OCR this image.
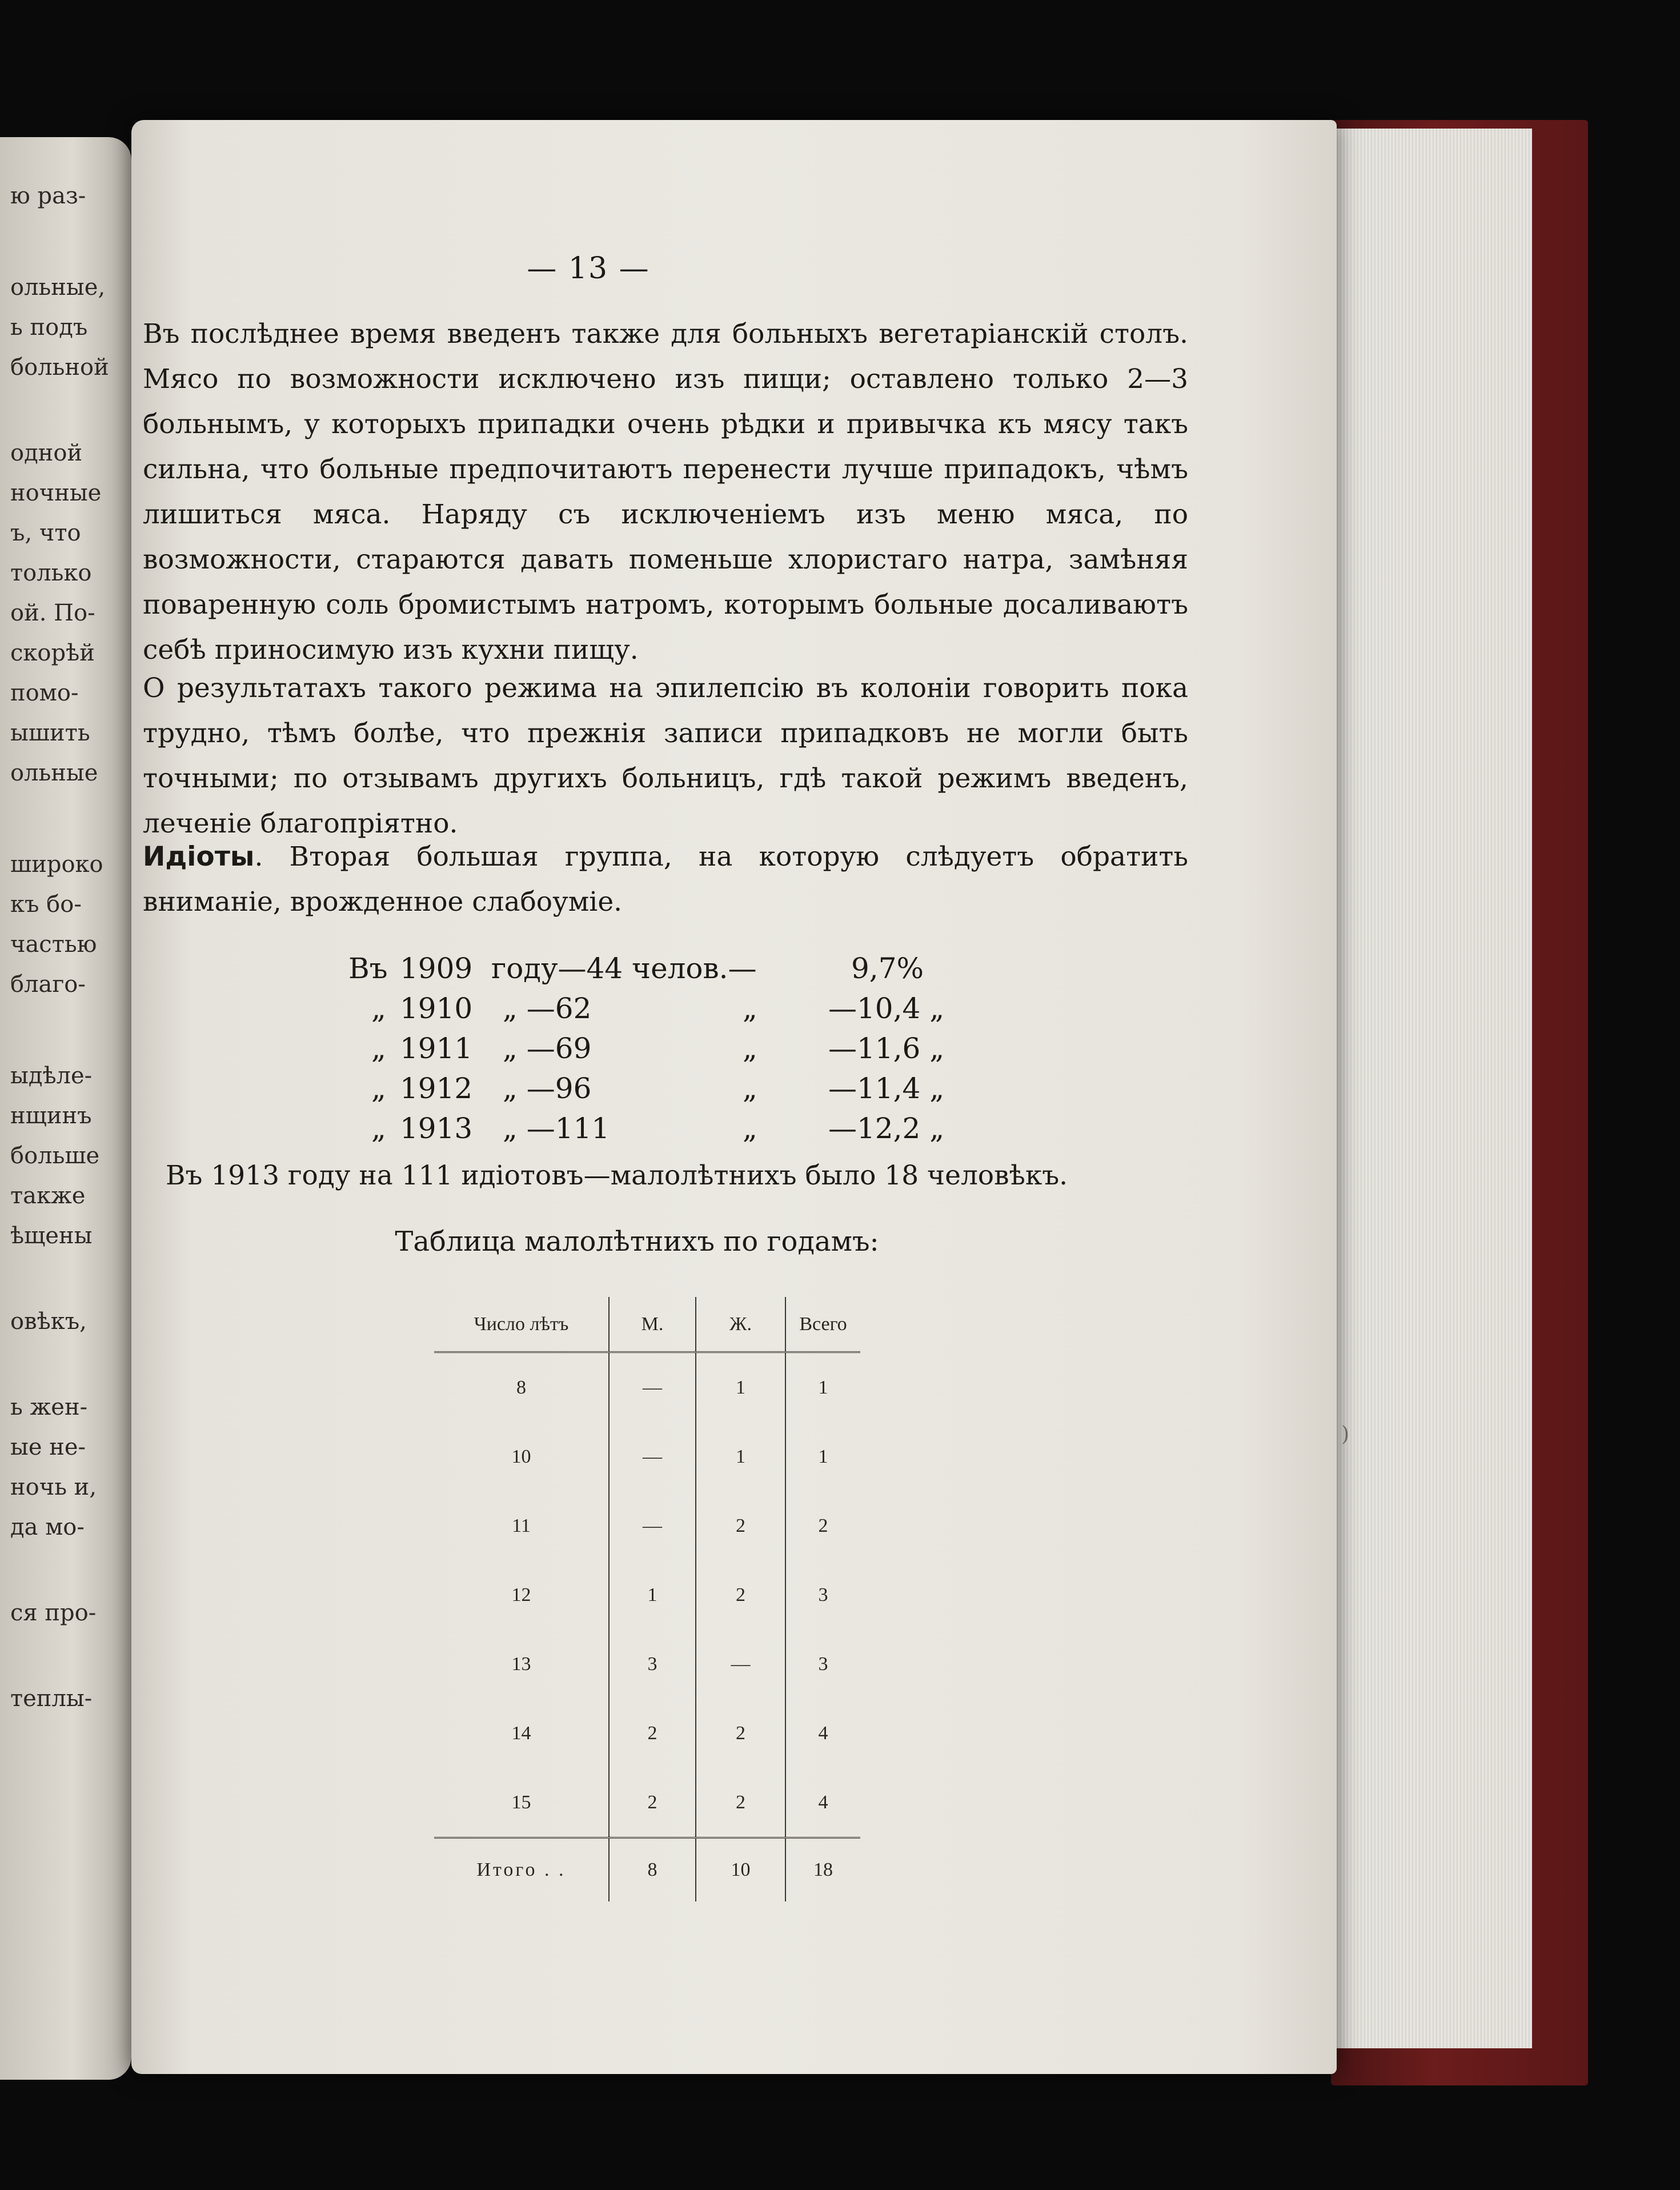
ю раз-
ольные,
ь подъ
больной
одной
ночные
ъ, что
только
ой. По-
скорѣй
помо-
ышить
ольные
широко
къ бо-
частью
благо-
ыдѣле-
нщинъ
больше
также
ѣщены
овѣкъ,
ь жен-
ые не-
ночь и,
да мо-
ся про-
теплы-
— 13 —
Въ послѣднее время введенъ также для больныхъ вегетаріанскій столъ. Мясо по возможности исключено изъ пищи; оставлено только 2—3 больнымъ, у которыхъ припадки очень рѣдки и привычка къ мясу такъ сильна, что больные предпочитаютъ перенести лучше припадокъ, чѣмъ лишиться мяса. Наряду съ исключеніемъ изъ меню мяса, по возможности, стараются давать поменьше хлористаго натра, замѣняя поваренную соль бромистымъ натромъ, которымъ больные досаливаютъ себѣ приносимую изъ кухни пищу.
О результатахъ такого режима на эпилепсію въ колоніи говорить пока трудно, тѣмъ болѣе, что прежнія записи припадковъ не могли быть точными; по отзывамъ другихъ больницъ, гдѣ такой режимъ введенъ, леченіе благопріятно.
Идіоты. Вторая большая группа, на которую слѣдуетъ обратить вниманіе, врожденное слабоуміе.
Въ 1909 году—44 челов.—	9,7%
„ 1910 „ —62	„ —10,4 „
„ 1911 „ —69	„ —11,6 „
„ 1912 „ —96	„ —11,4 „
„ 1913 „ —111	„ —12,2 „
Въ 1913 году на 111 идіотовъ—малолѣтнихъ было 18 человѣкъ.
Таблица малолѣтнихъ по годамъ:
Число лѣтъ	М.	Ж.	Всего
8	—	1	1
10	—	1	1
11	—	2	2
12	1	2	3
13	3	—	3
14	2	2	4
15	2	2	4
Итого . .	8	10	18
)
